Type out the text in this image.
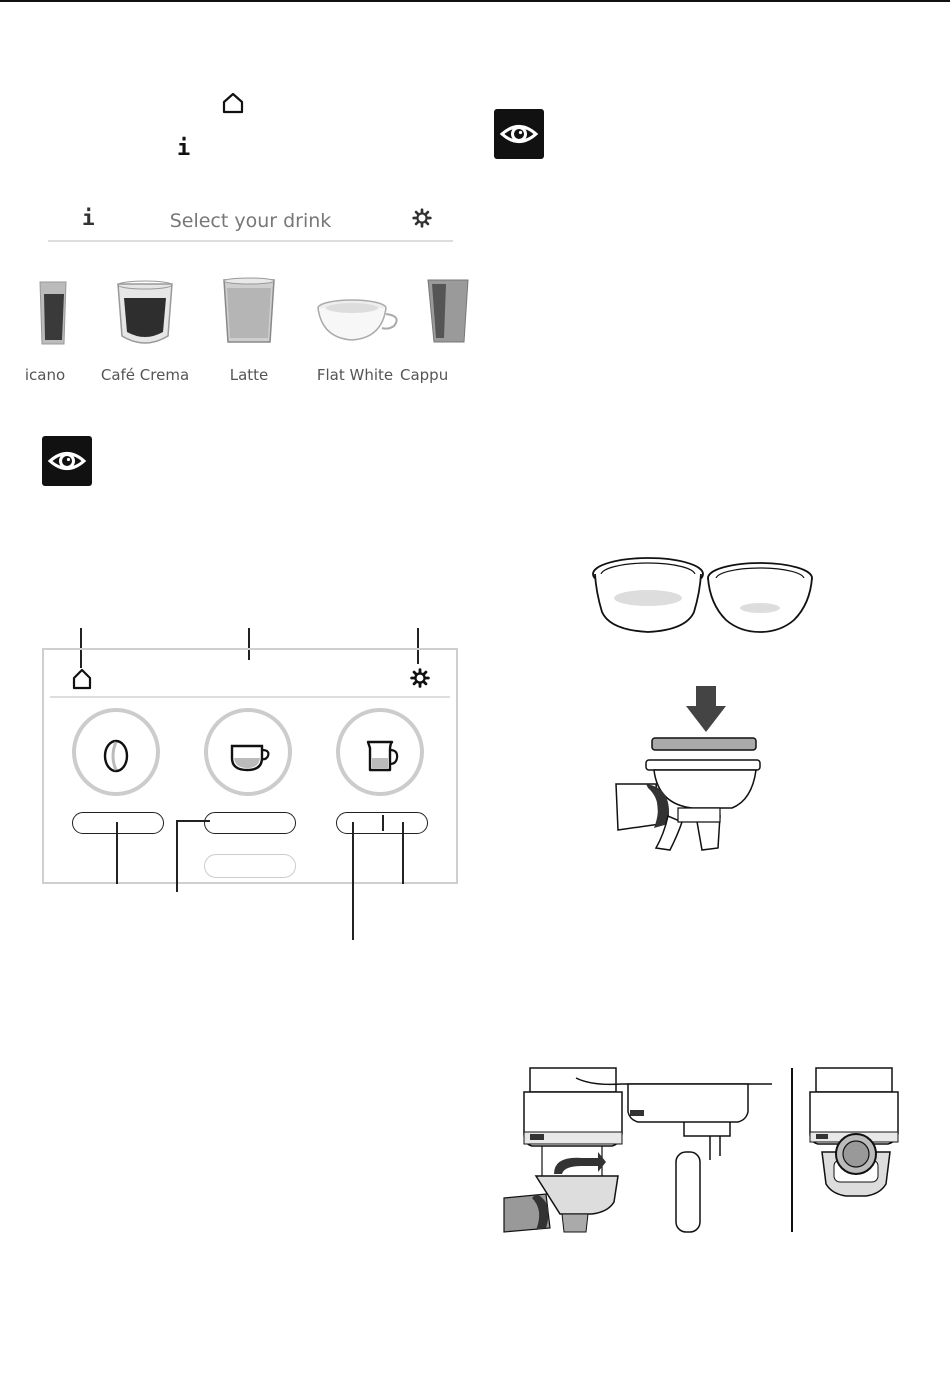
i
i	Select your drink
icano	Café Crema	Latte	Flat White Cappu
